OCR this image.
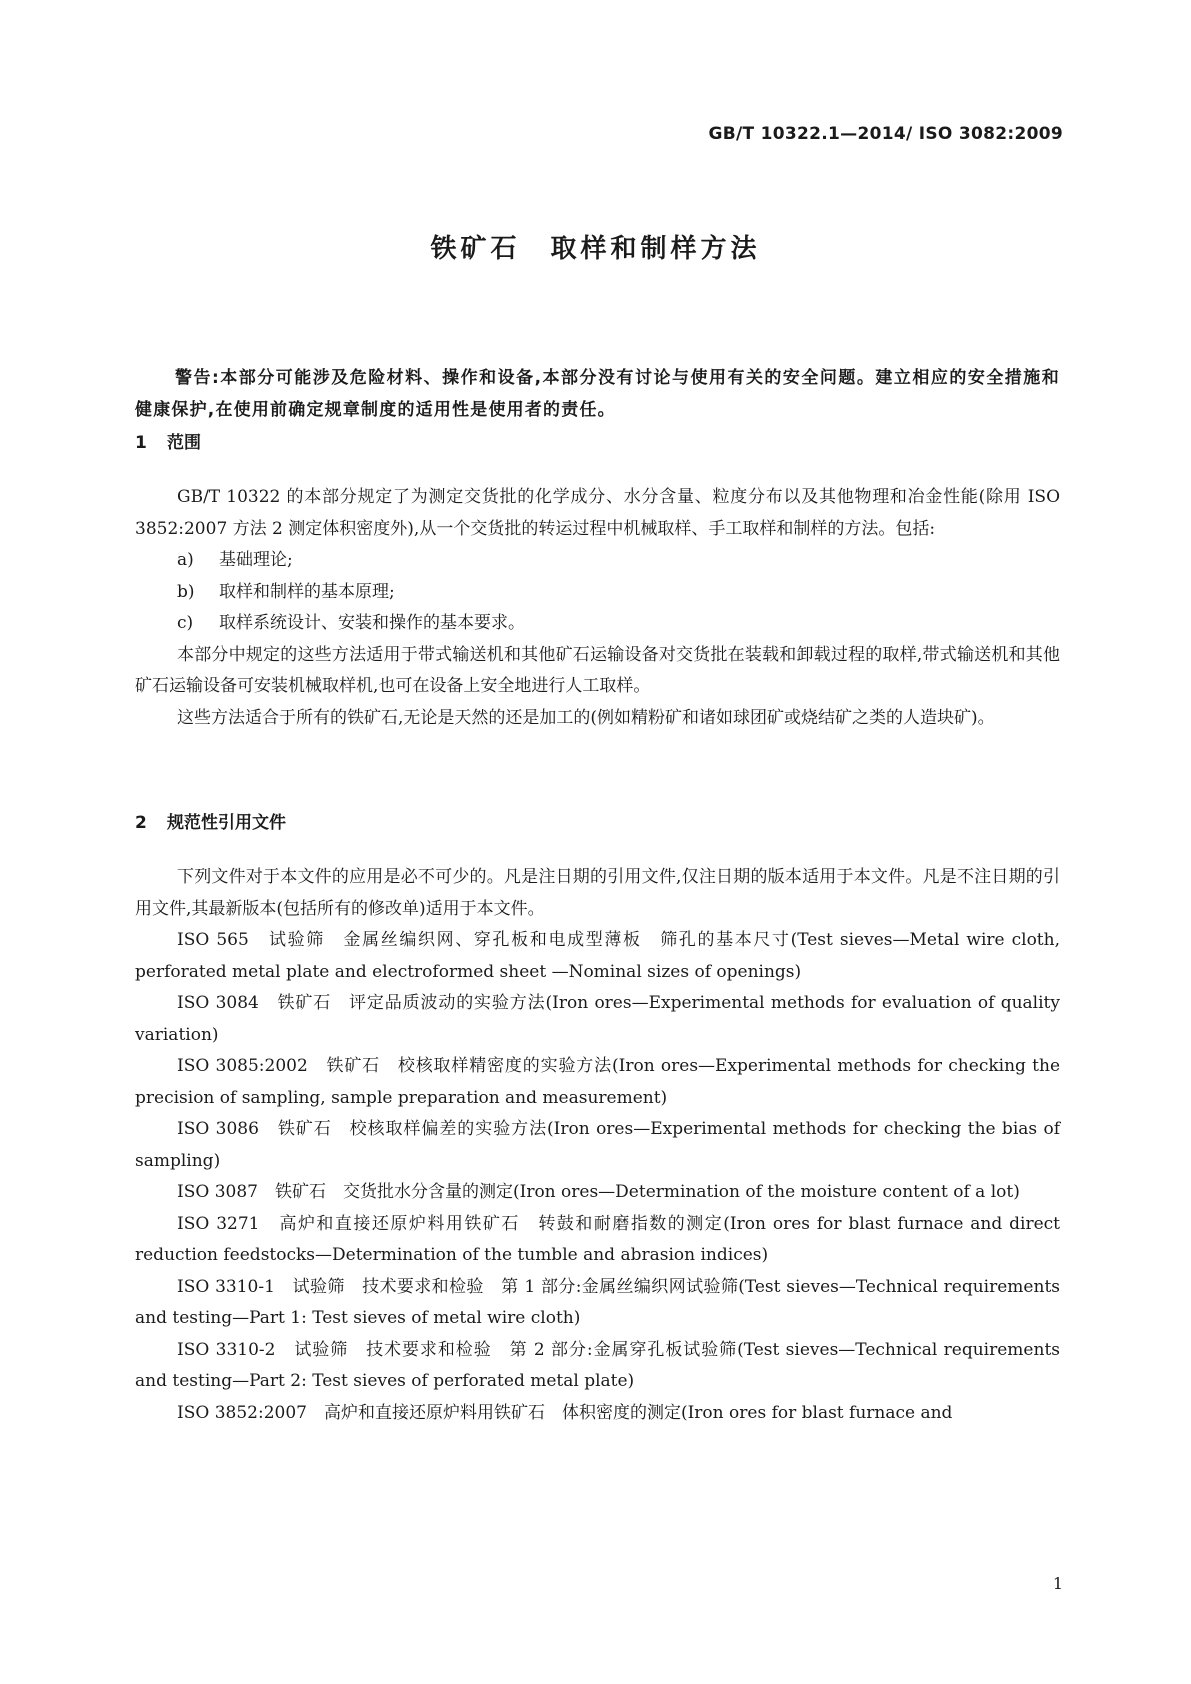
GB/T 10322.1—2014/ ISO 3082:2009
铁矿石　取样和制样方法
警告:本部分可能涉及危险材料、操作和设备,本部分没有讨论与使用有关的安全问题。建立相应的安全措施和健康保护,在使用前确定规章制度的适用性是使用者的责任。
1 范围

GB/T 10322 的本部分规定了为测定交货批的化学成分、水分含量、粒度分布以及其他物理和冶金性能(除用 ISO 3852:2007 方法 2 测定体积密度外),从一个交货批的转运过程中机械取样、手工取样和制样的方法。包括:

a) 基础理论;

b) 取样和制样的基本原理;

c) 取样系统设计、安装和操作的基本要求。

本部分中规定的这些方法适用于带式输送机和其他矿石运输设备对交货批在装载和卸载过程的取样,带式输送机和其他矿石运输设备可安装机械取样机,也可在设备上安全地进行人工取样。

这些方法适合于所有的铁矿石,无论是天然的还是加工的(例如精粉矿和诸如球团矿或烧结矿之类的人造块矿)。

2 规范性引用文件

下列文件对于本文件的应用是必不可少的。凡是注日期的引用文件,仅注日期的版本适用于本文件。凡是不注日期的引用文件,其最新版本(包括所有的修改单)适用于本文件。

ISO 565　试验筛　金属丝编织网、穿孔板和电成型薄板　筛孔的基本尺寸(Test sieves—Metal wire cloth, perforated metal plate and electroformed sheet —Nominal sizes of openings)

ISO 3084　铁矿石　评定品质波动的实验方法(Iron ores—Experimental methods for evaluation of quality variation)

ISO 3085:2002　铁矿石　校核取样精密度的实验方法(Iron ores—Experimental methods for checking the precision of sampling, sample preparation and measurement)

ISO 3086　铁矿石　校核取样偏差的实验方法(Iron ores—Experimental methods for checking the bias of sampling)

ISO 3087　铁矿石　交货批水分含量的测定(Iron ores—Determination of the moisture content of a lot)

ISO 3271　高炉和直接还原炉料用铁矿石　转鼓和耐磨指数的测定(Iron ores for blast furnace and direct reduction feedstocks—Determination of the tumble and abrasion indices)

ISO 3310-1　试验筛　技术要求和检验　第 1 部分:金属丝编织网试验筛(Test sieves—Technical requirements and testing—Part 1: Test sieves of metal wire cloth)

ISO 3310-2　试验筛　技术要求和检验　第 2 部分:金属穿孔板试验筛(Test sieves—Technical requirements and testing—Part 2: Test sieves of perforated metal plate)

ISO 3852:2007　高炉和直接还原炉料用铁矿石　体积密度的测定(Iron ores for blast furnace and

1
